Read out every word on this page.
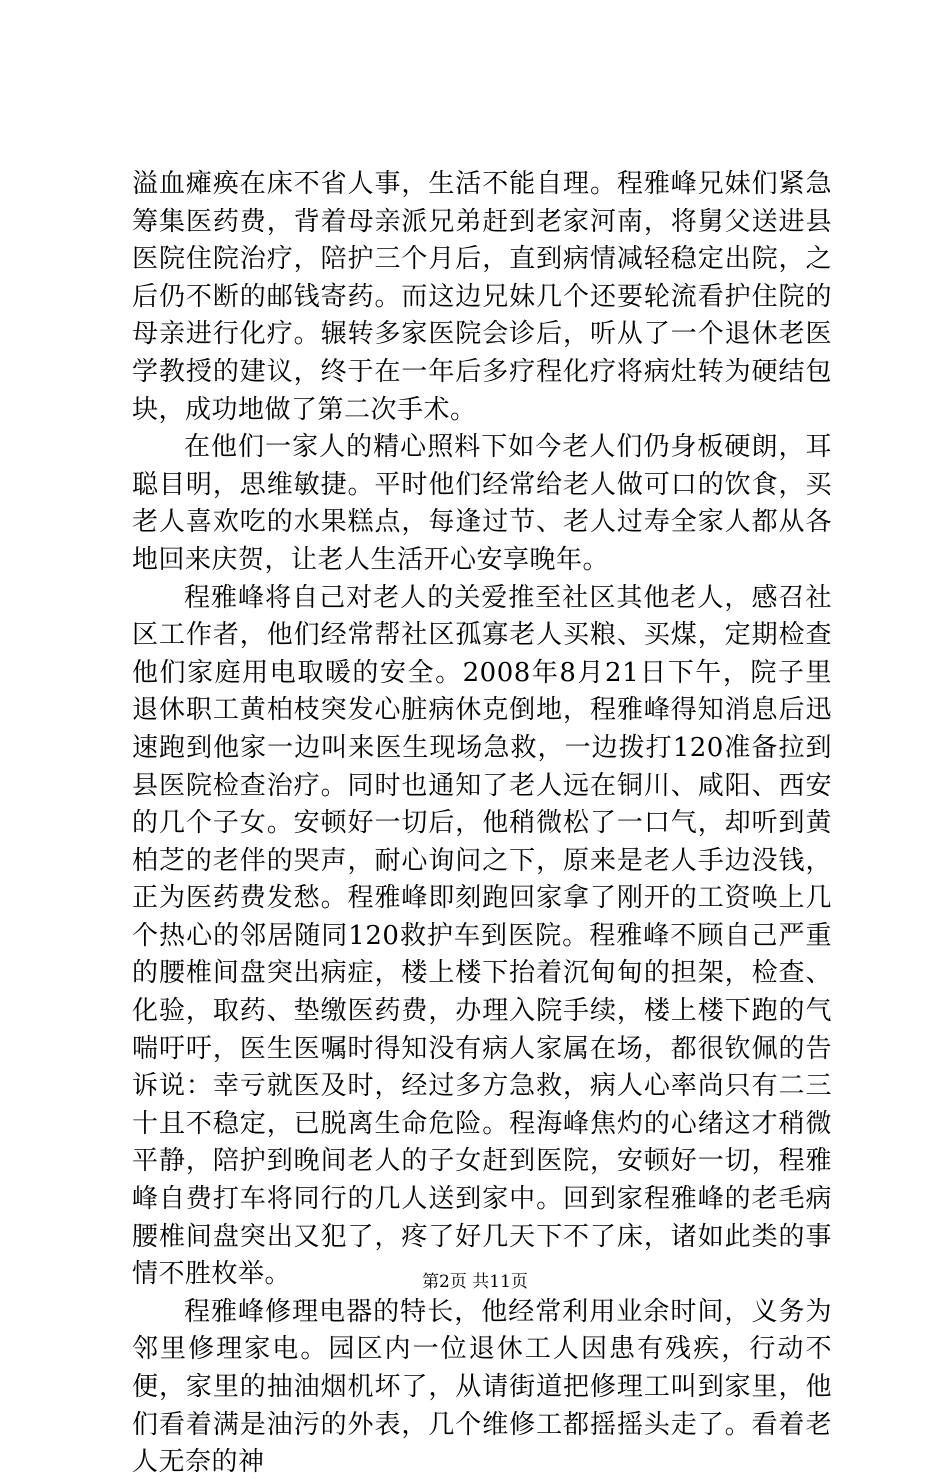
溢血瘫痪在床不省人事，生活不能自理。程雅峰兄妹们紧急筹集医药费，背着母亲派兄弟赶到老家河南，将舅父送进县医院住院治疗，陪护三个月后，直到病情减轻稳定出院，之后仍不断的邮钱寄药。而这边兄妹几个还要轮流看护住院的母亲进行化疗。辗转多家医院会诊后，听从了一个退休老医学教授的建议，终于在一年后多疗程化疗将病灶转为硬结包块，成功地做了第二次手术。

在他们一家人的精心照料下如今老人们仍身板硬朗，耳聪目明，思维敏捷。平时他们经常给老人做可口的饮食，买老人喜欢吃的水果糕点，每逢过节、老人过寿全家人都从各地回来庆贺，让老人生活开心安享晚年。

程雅峰将自己对老人的关爱推至社区其他老人，感召社区工作者，他们经常帮社区孤寡老人买粮、买煤，定期检查他们家庭用电取暖的安全。2008年8月21日下午，院子里退休职工黄柏枝突发心脏病休克倒地，程雅峰得知消息后迅速跑到他家一边叫来医生现场急救，一边拨打120准备拉到县医院检查治疗。同时也通知了老人远在铜川、咸阳、西安的几个子女。安顿好一切后，他稍微松了一口气，却听到黄柏芝的老伴的哭声，耐心询问之下，原来是老人手边没钱，正为医药费发愁。程雅峰即刻跑回家拿了刚开的工资唤上几个热心的邻居随同120救护车到医院。程雅峰不顾自己严重的腰椎间盘突出病症，楼上楼下抬着沉甸甸的担架，检查、化验，取药、垫缴医药费，办理入院手续，楼上楼下跑的气喘吁吁，医生医嘱时得知没有病人家属在场，都很钦佩的告诉说：幸亏就医及时，经过多方急救，病人心率尚只有二三十且不稳定，已脱离生命危险。程海峰焦灼的心绪这才稍微平静，陪护到晚间老人的子女赶到医院，安顿好一切，程雅峰自费打车将同行的几人送到家中。回到家程雅峰的老毛病腰椎间盘突出又犯了，疼了好几天下不了床，诸如此类的事情不胜枚举。

程雅峰修理电器的特长，他经常利用业余时间，义务为邻里修理家电。园区内一位退休工人因患有残疾，行动不便，家里的抽油烟机坏了，从请街道把修理工叫到家里，他们看着满是油污的外表，几个维修工都摇摇头走了。看着老人无奈的神

第2页 共11页
